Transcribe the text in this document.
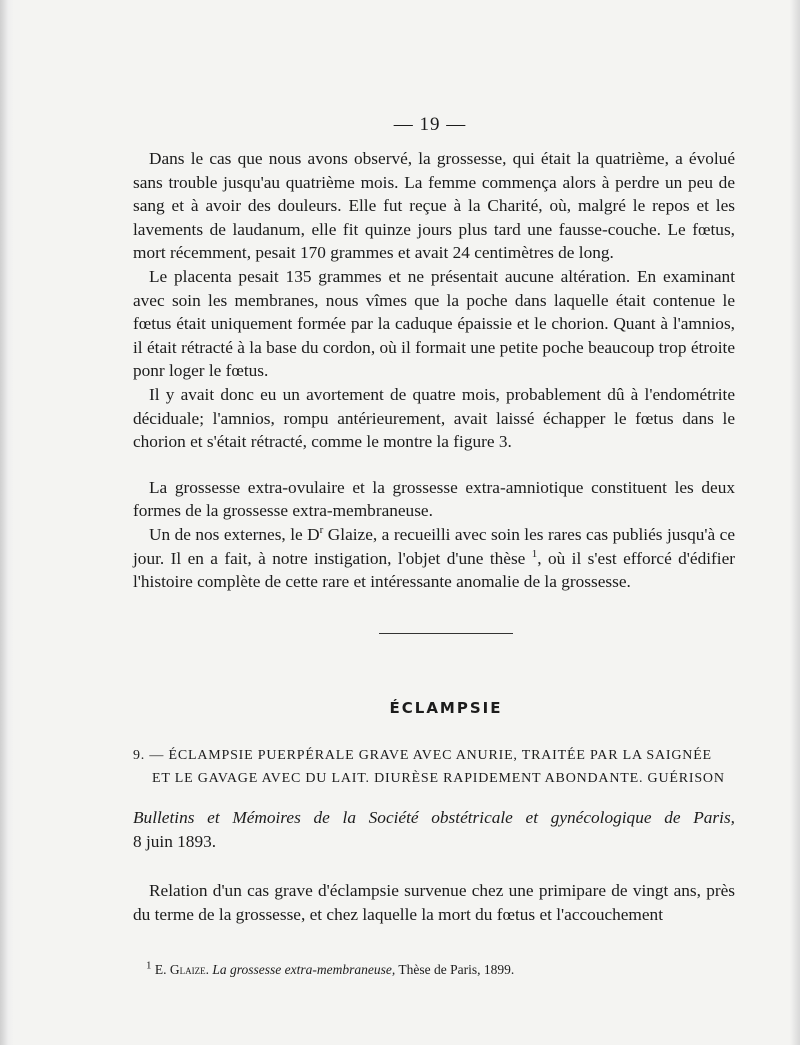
— 19 —

Dans le cas que nous avons observé, la grossesse, qui était la quatrième, a évolué sans trouble jusqu'au quatrième mois. La femme commença alors à perdre un peu de sang et à avoir des douleurs. Elle fut reçue à la Charité, où, malgré le repos et les lavements de laudanum, elle fit quinze jours plus tard une fausse-couche. Le fœtus, mort récemment, pesait 170 grammes et avait 24 centimètres de long.

Le placenta pesait 135 grammes et ne présentait aucune altération. En examinant avec soin les membranes, nous vîmes que la poche dans laquelle était contenue le fœtus était uniquement formée par la caduque épaissie et le chorion. Quant à l'amnios, il était rétracté à la base du cordon, où il formait une petite poche beaucoup trop étroite ponr loger le fœtus.

Il y avait donc eu un avortement de quatre mois, probablement dû à l'endométrite déciduale; l'amnios, rompu antérieurement, avait laissé échapper le fœtus dans le chorion et s'était rétracté, comme le montre la figure 3.

La grossesse extra-ovulaire et la grossesse extra-amniotique constituent les deux formes de la grossesse extra-membraneuse.

Un de nos externes, le $D^r$ Glaize, a recueilli avec soin les rares cas publiés jusqu'à ce jour. Il en a fait, à notre instigation, l'objet d'une thèse $^1$, où il s'est efforcé d'édifier l'histoire complète de cette rare et intéressante anomalie de la grossesse.

ÉCLAMPSIE
9. — ÉCLAMPSIE PUERPÉRALE GRAVE AVEC ANURIE, TRAITÉE PAR LA SAIGNÉE
ET LE GAVAGE AVEC DU LAIT. DIURÈSE RAPIDEMENT ABONDANTE. GUÉRISON
Bulletins et Mémoires de la Société obstétricale et gynécologique de Paris,
8 juin 1893.

Relation d'un cas grave d'éclampsie survenue chez une primipare de vingt ans, près du terme de la grossesse, et chez laquelle la mort du fœtus et l'accouchement

$^1$ E. Glaize. La grossesse extra-membraneuse, Thèse de Paris, 1899.
